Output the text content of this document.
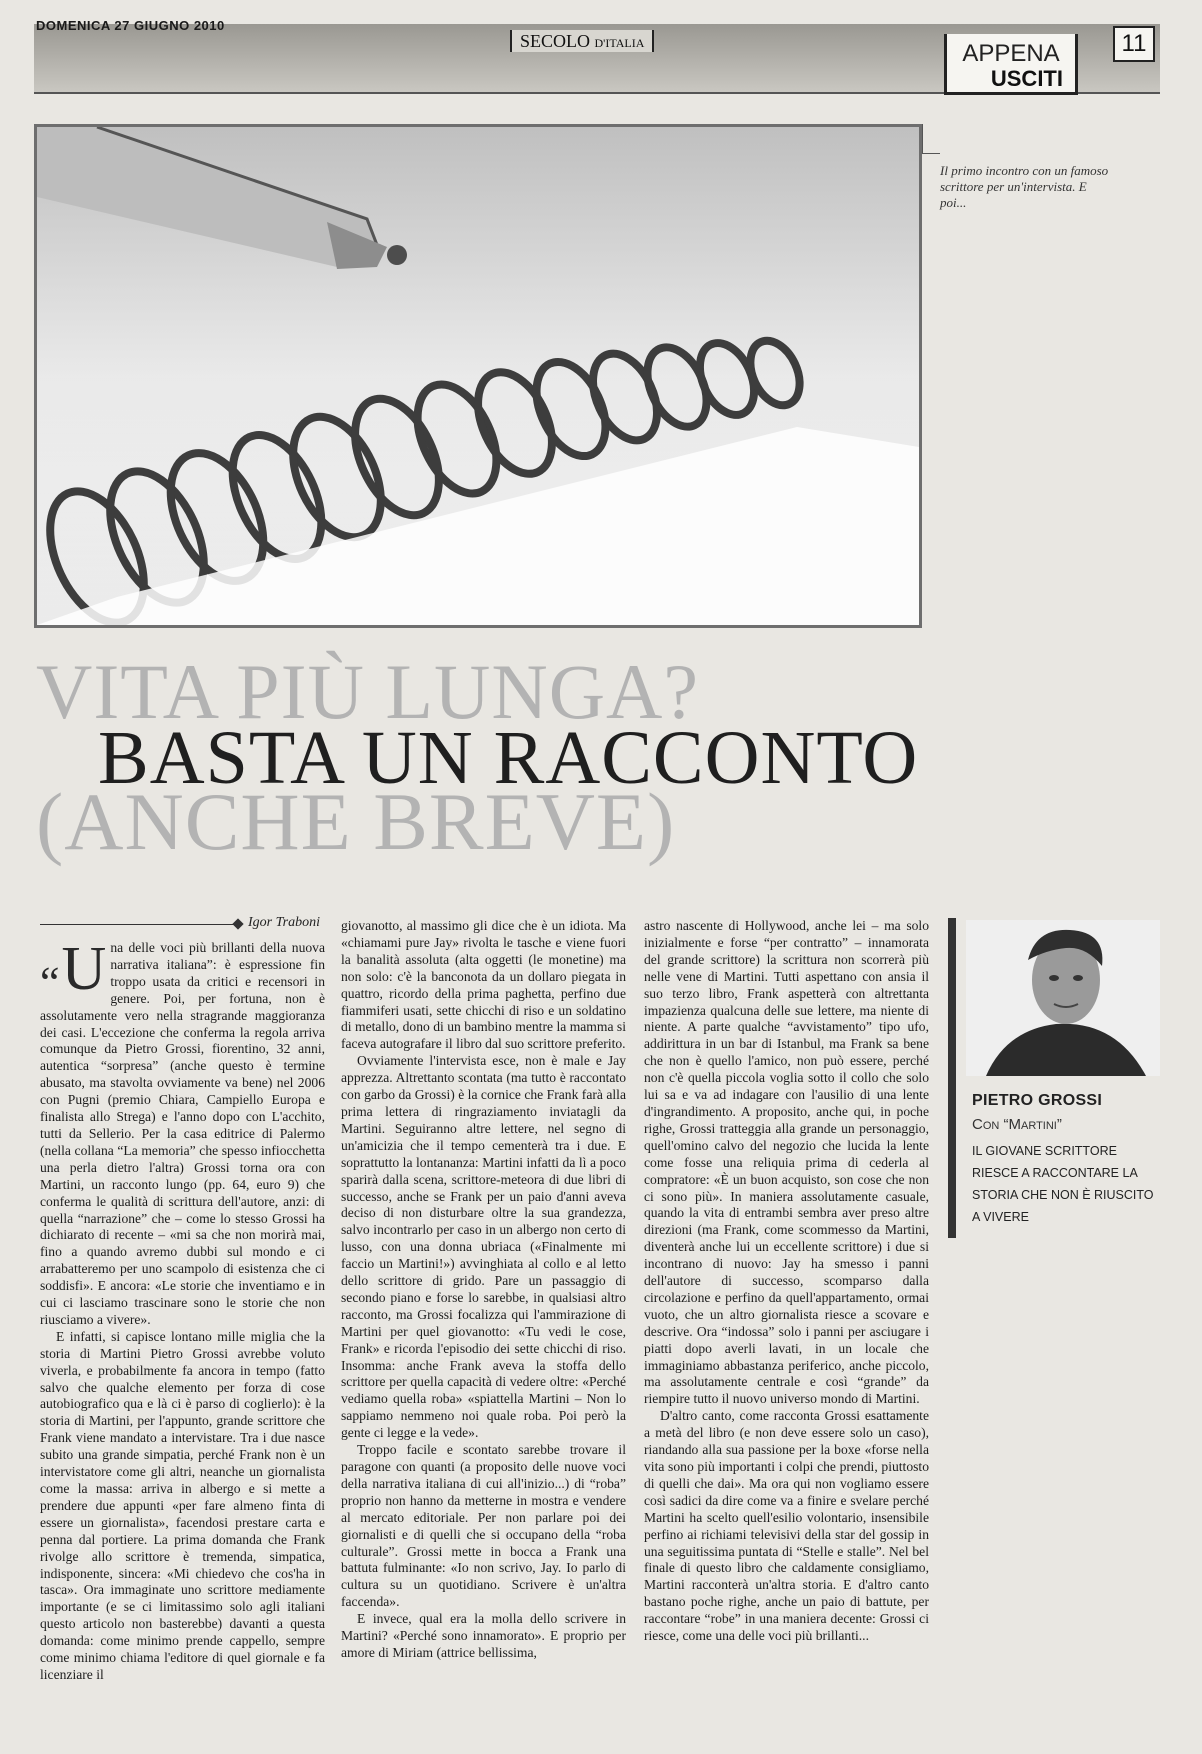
DOMENICA 27 GIUGNO 2010
SECOLO D'ITALIA	APPENA
USCITI
11
Il primo incontro con un famoso scrittore per un'intervista. E poi...
VITA PIÙ LUNGA?
BASTA UN RACCONTO
(ANCHE BREVE)
Igor Traboni

“U na delle voci più brillanti della nuova narrativa italiana”: è espressione fin troppo usata da critici e recensori in genere. Poi, per fortuna, non è assolutamente vero nella stragrande maggioranza dei casi. L'eccezione che conferma la regola arriva comunque da Pietro Grossi, fiorentino, 32 anni, autentica “sorpresa” (anche questo è termine abusato, ma stavolta ovviamente va bene) nel 2006 con Pugni (premio Chiara, Campiello Europa e finalista allo Strega) e l'anno dopo con L'acchito, tutti da Sellerio. Per la casa editrice di Palermo (nella collana “La memoria” che spesso infiocchetta una perla dietro l'altra) Grossi torna ora con Martini, un racconto lungo (pp. 64, euro 9) che conferma le qualità di scrittura dell'autore, anzi: di quella “narrazione” che – come lo stesso Grossi ha dichiarato di recente – «mi sa che non morirà mai, fino a quando avremo dubbi sul mondo e ci arrabatteremo per uno scampolo di esistenza che ci soddisfi». E ancora: «Le storie che inventiamo e in cui ci lasciamo trascinare sono le storie che non riusciamo a vivere».

E infatti, si capisce lontano mille miglia che la storia di Martini Pietro Grossi avrebbe voluto viverla, e probabilmente fa ancora in tempo (fatto salvo che qualche elemento per forza di cose autobiografico qua e là ci è parso di coglierlo): è la storia di Martini, per l'appunto, grande scrittore che Frank viene mandato a intervistare. Tra i due nasce subito una grande simpatia, perché Frank non è un intervistatore come gli altri, neanche un giornalista come la massa: arriva in albergo e si mette a prendere due appunti «per fare almeno finta di essere un giornalista», facendosi prestare carta e penna dal portiere. La prima domanda che Frank rivolge allo scrittore è tremenda, simpatica, indisponente, sincera: «Mi chiedevo che cos'ha in tasca». Ora immaginate uno scrittore mediamente importante (e se ci limitassimo solo agli italiani questo articolo non basterebbe) davanti a questa domanda: come minimo prende cappello, sempre come minimo chiama l'editore di quel giornale e fa licenziare il

giovanotto, al massimo gli dice che è un idiota. Ma «chiamami pure Jay» rivolta le tasche e viene fuori la banalità assoluta (alta oggetti (le monetine) ma non solo: c'è la banconota da un dollaro piegata in quattro, ricordo della prima paghetta, perfino due fiammiferi usati, sette chicchi di riso e un soldatino di metallo, dono di un bambino mentre la mamma si faceva autografare il libro dal suo scrittore preferito.

Ovviamente l'intervista esce, non è male e Jay apprezza. Altrettanto scontata (ma tutto è raccontato con garbo da Grossi) è la cornice che Frank farà alla prima lettera di ringraziamento inviatagli da Martini. Seguiranno altre lettere, nel segno di un'amicizia che il tempo cementerà tra i due. E soprattutto la lontananza: Martini infatti da lì a poco sparirà dalla scena, scrittore-meteora di due libri di successo, anche se Frank per un paio d'anni aveva deciso di non disturbare oltre la sua grandezza, salvo incontrarlo per caso in un albergo non certo di lusso, con una donna ubriaca («Finalmente mi faccio un Martini!») avvinghiata al collo e al letto dello scrittore di grido. Pare un passaggio di secondo piano e forse lo sarebbe, in qualsiasi altro racconto, ma Grossi focalizza qui l'ammirazione di Martini per quel giovanotto: «Tu vedi le cose, Frank» e ricorda l'episodio dei sette chicchi di riso. Insomma: anche Frank aveva la stoffa dello scrittore per quella capacità di vedere oltre: «Perché vediamo quella roba» «spiattella Martini – Non lo sappiamo nemmeno noi quale roba. Poi però la gente ci legge e la vede».

Troppo facile e scontato sarebbe trovare il paragone con quanti (a proposito delle nuove voci della narrativa italiana di cui all'inizio...) di “roba” proprio non hanno da metterne in mostra e vendere al mercato editoriale. Per non parlare poi dei giornalisti e di quelli che si occupano della “roba culturale”. Grossi mette in bocca a Frank una battuta fulminante: «Io non scrivo, Jay. Io parlo di cultura su un quotidiano. Scrivere è un'altra faccenda».

E invece, qual era la molla dello scrivere in Martini? «Perché sono innamorato». E proprio per amore di Miriam (attrice bellissima,

astro nascente di Hollywood, anche lei – ma solo inizialmente e forse “per contratto” – innamorata del grande scrittore) la scrittura non scorrerà più nelle vene di Martini. Tutti aspettano con ansia il suo terzo libro, Frank aspetterà con altrettanta impazienza qualcuna delle sue lettere, ma niente di niente. A parte qualche “avvistamento” tipo ufo, addirittura in un bar di Istanbul, ma Frank sa bene che non è quello l'amico, non può essere, perché non c'è quella piccola voglia sotto il collo che solo lui sa e va ad indagare con l'ausilio di una lente d'ingrandimento. A proposito, anche qui, in poche righe, Grossi tratteggia alla grande un personaggio, quell'omino calvo del negozio che lucida la lente come fosse una reliquia prima di cederla al compratore: «È un buon acquisto, son cose che non ci sono più». In maniera assolutamente casuale, quando la vita di entrambi sembra aver preso altre direzioni (ma Frank, come scommesso da Martini, diventerà anche lui un eccellente scrittore) i due si incontrano di nuovo: Jay ha smesso i panni dell'autore di successo, scomparso dalla circolazione e perfino da quell'appartamento, ormai vuoto, che un altro giornalista riesce a scovare e descrive. Ora “indossa” solo i panni per asciugare i piatti dopo averli lavati, in un locale che immaginiamo abbastanza periferico, anche piccolo, ma assolutamente centrale e così “grande” da riempire tutto il nuovo universo mondo di Martini.

D'altro canto, come racconta Grossi esattamente a metà del libro (e non deve essere solo un caso), riandando alla sua passione per la boxe «forse nella vita sono più importanti i colpi che prendi, piuttosto di quelli che dai». Ma ora qui non vogliamo essere così sadici da dire come va a finire e svelare perché Martini ha scelto quell'esilio volontario, insensibile perfino ai richiami televisivi della star del gossip in una seguitissima puntata di “Stelle e stalle”. Nel bel finale di questo libro che caldamente consigliamo, Martini racconterà un'altra storia. E d'altro canto bastano poche righe, anche un paio di battute, per raccontare “robe” in una maniera decente: Grossi ci riesce, come una delle voci più brillanti...

PIETRO GROSSI
Con “Martini”
IL GIOVANE SCRITTORE RIESCE A RACCONTARE LA STORIA CHE NON È RIUSCITO A VIVERE
